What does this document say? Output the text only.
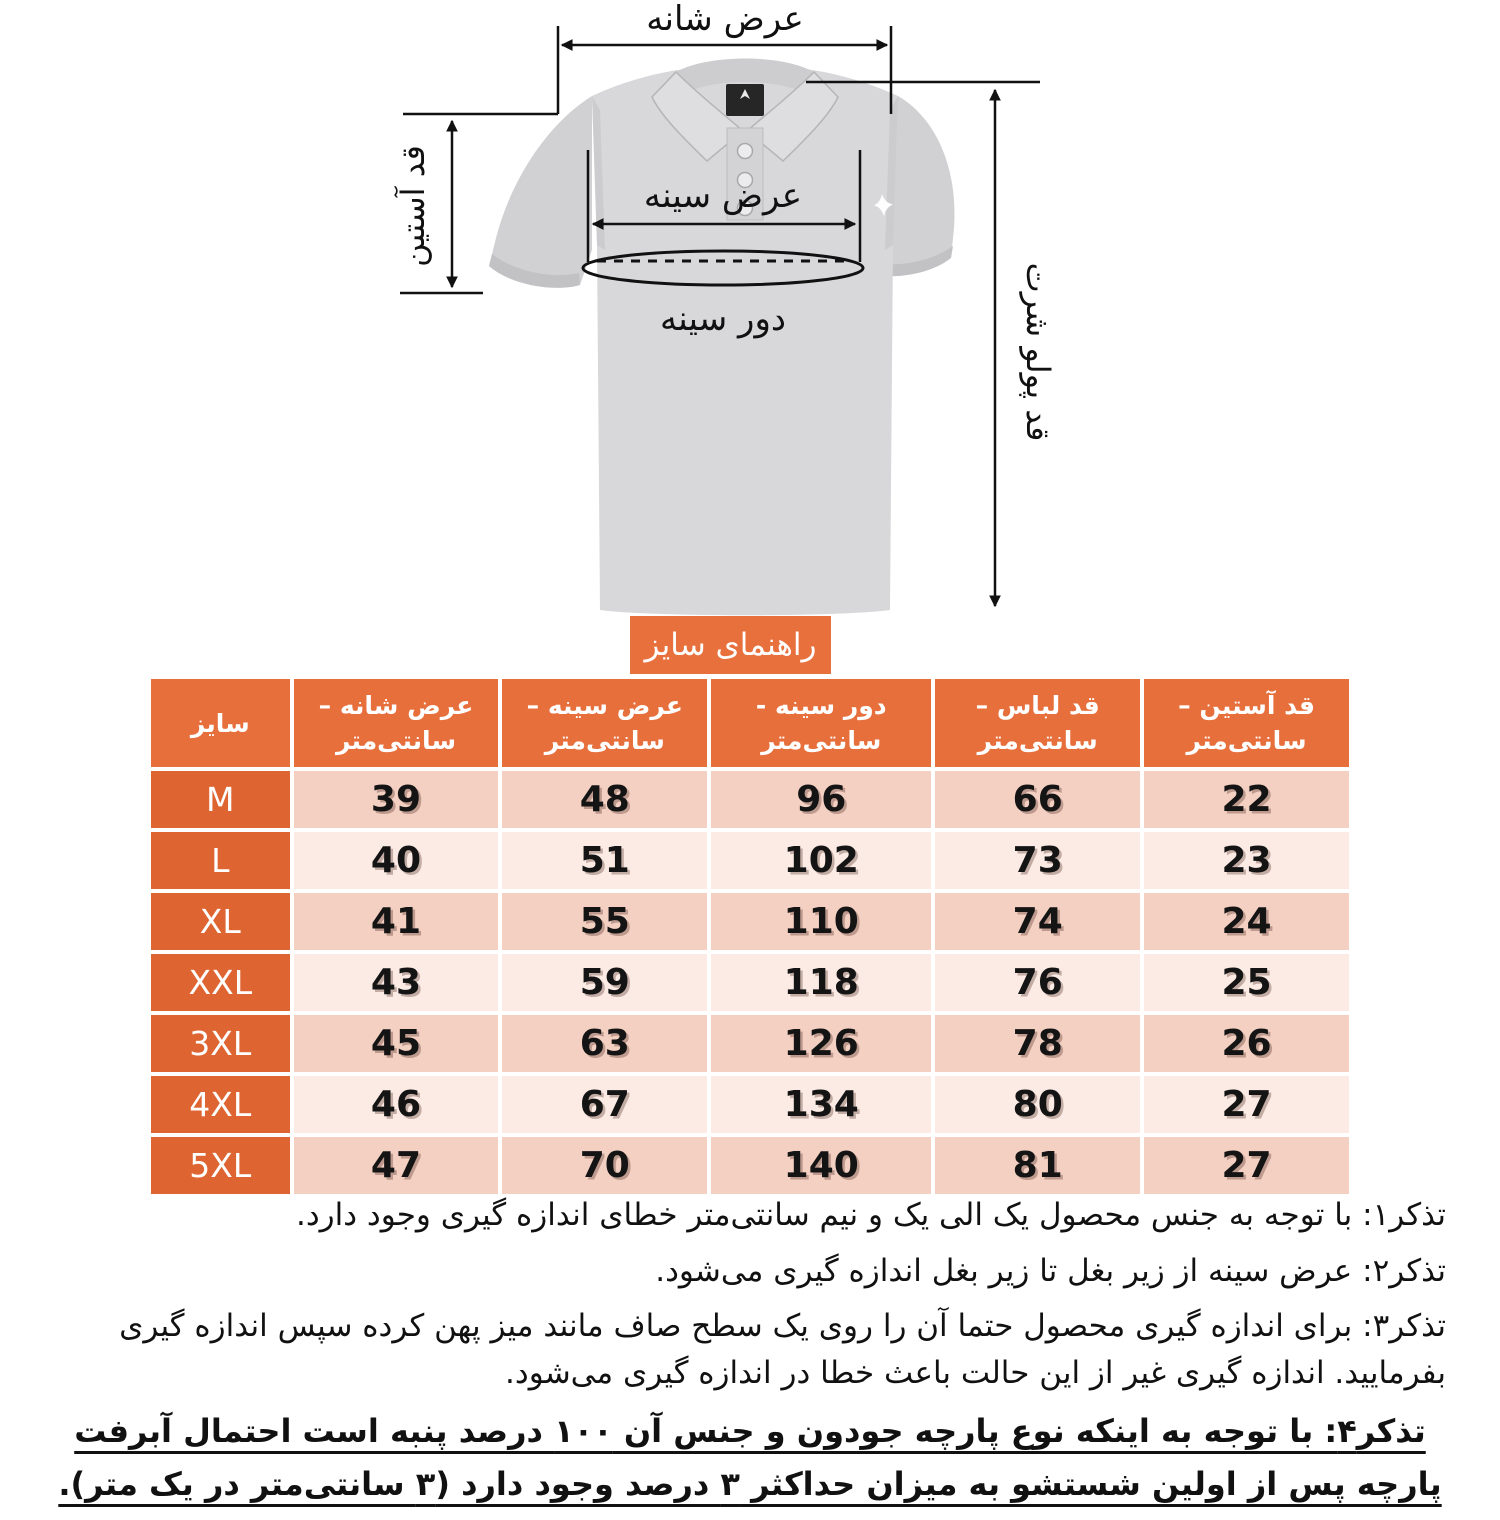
عرض شانه
عرض سینه
دور سینه
قد آستین
قد پولو شرت
راهنمای سایز
سایز	عرض شانه – سانتی‌متر	عرض سینه – سانتی‌متر	دور سینه - سانتی‌متر	قد لباس – سانتی‌متر	قد آستین – سانتی‌متر
M	39	48	96	66	22
L	40	51	102	73	23
XL	41	55	110	74	24
XXL	43	59	118	76	25
3XL	45	63	126	78	26
4XL	46	67	134	80	27
5XL	47	70	140	81	27

تذکر۱: با توجه به جنس محصول یک الی یک و نیم سانتی‌متر خطای اندازه گیری وجود دارد.

تذکر۲: عرض سینه از زیر بغل تا زیر بغل اندازه گیری می‌شود.

تذکر۳: برای اندازه گیری محصول حتما آن را روی یک سطح صاف مانند میز پهن کرده سپس اندازه گیری بفرمایید. اندازه گیری غیر از این حالت باعث خطا در اندازه گیری می‌شود.

تذکر۴: با توجه به اینکه نوع پارچه جودون و جنس آن ۱۰۰ درصد پنبه است احتمال آبرفت پارچه پس از اولین شستشو به میزان حداکثر ۳ درصد وجود دارد (۳ سانتی‌متر در یک متر).
